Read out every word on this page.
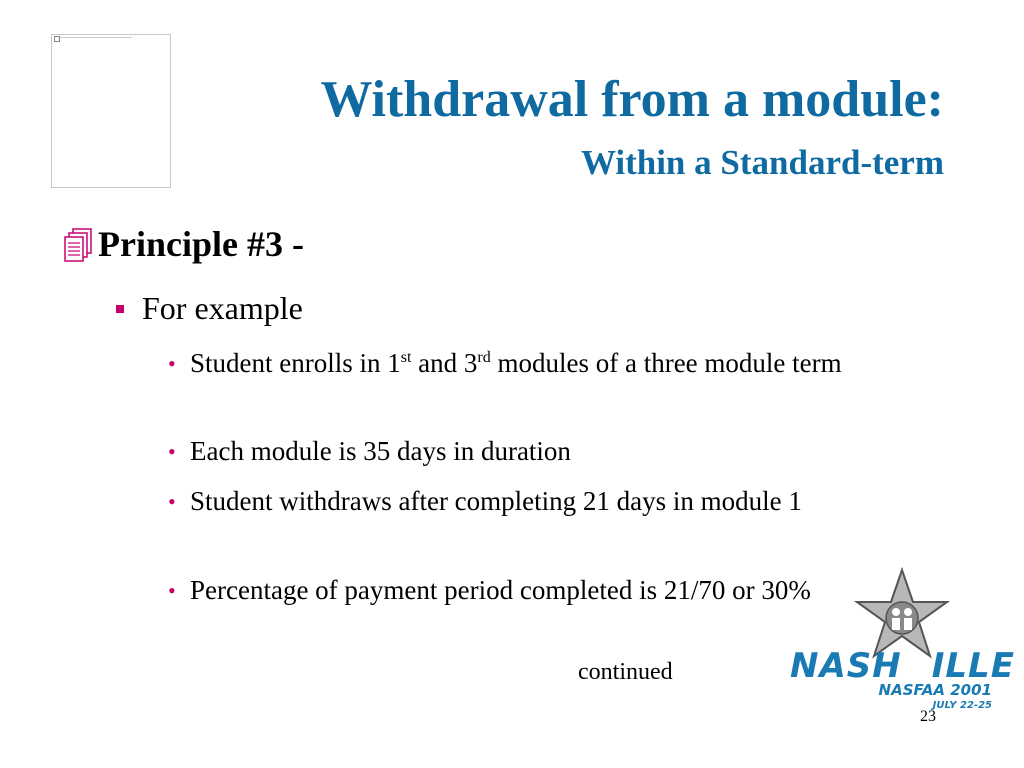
Withdrawal from a module:
Within a Standard-term
Principle #3 -
For example
• Student enrolls in 1st and 3rd modules of a three module term
• Each module is 35 days in duration
• Student withdraws after completing 21 days in module 1
• Percentage of payment period completed is 21/70 or 30%
continued	NASH ILLE
NASFAA 2001
JULY 22-25
23
